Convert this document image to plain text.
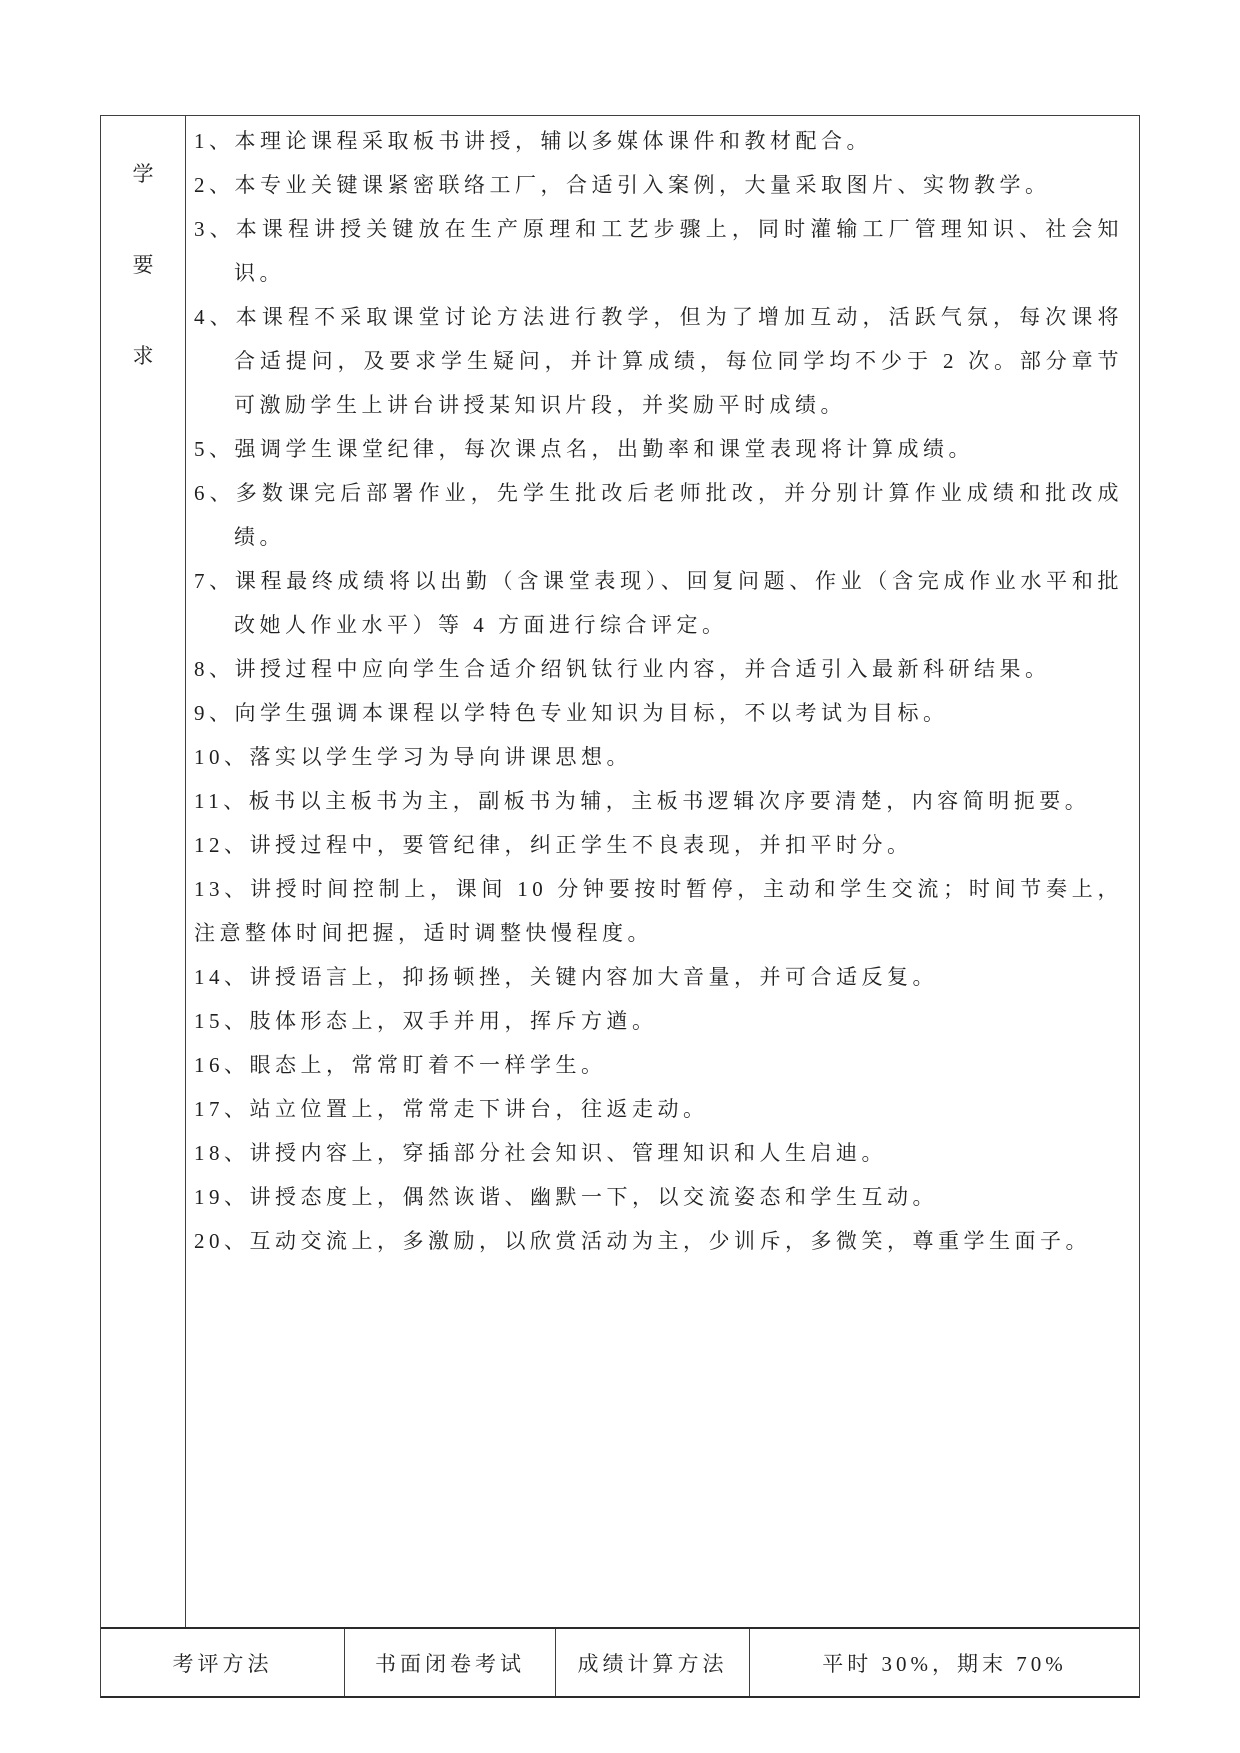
学
要
求

1、本理论课程采取板书讲授，辅以多媒体课件和教材配合。

2、本专业关键课紧密联络工厂，合适引入案例，大量采取图片、实物教学。

3、本课程讲授关键放在生产原理和工艺步骤上，同时灌输工厂管理知识、社会知识。

4、本课程不采取课堂讨论方法进行教学，但为了增加互动，活跃气氛，每次课将合适提问，及要求学生疑问，并计算成绩，每位同学均不少于 2 次。部分章节可激励学生上讲台讲授某知识片段，并奖励平时成绩。

5、强调学生课堂纪律，每次课点名，出勤率和课堂表现将计算成绩。

6、多数课完后部署作业，先学生批改后老师批改，并分别计算作业成绩和批改成绩。

7、课程最终成绩将以出勤（含课堂表现）、回复问题、作业（含完成作业水平和批改她人作业水平）等 4 方面进行综合评定。

8、讲授过程中应向学生合适介绍钒钛行业内容，并合适引入最新科研结果。

9、向学生强调本课程以学特色专业知识为目标，不以考试为目标。

10、落实以学生学习为导向讲课思想。

11、板书以主板书为主，副板书为辅，主板书逻辑次序要清楚，内容简明扼要。

12、讲授过程中，要管纪律，纠正学生不良表现，并扣平时分。

13、讲授时间控制上，课间 10 分钟要按时暂停，主动和学生交流；时间节奏上，注意整体时间把握，适时调整快慢程度。

14、讲授语言上，抑扬顿挫，关键内容加大音量，并可合适反复。

15、肢体形态上，双手并用，挥斥方遒。

16、眼态上，常常盯着不一样学生。

17、站立位置上，常常走下讲台，往返走动。

18、讲授内容上，穿插部分社会知识、管理知识和人生启迪。

19、讲授态度上，偶然诙谐、幽默一下，以交流姿态和学生互动。

20、互动交流上，多激励，以欣赏活动为主，少训斥，多微笑，尊重学生面子。

考评方法	书面闭卷考试	成绩计算方法	平时 30%，期末 70%
